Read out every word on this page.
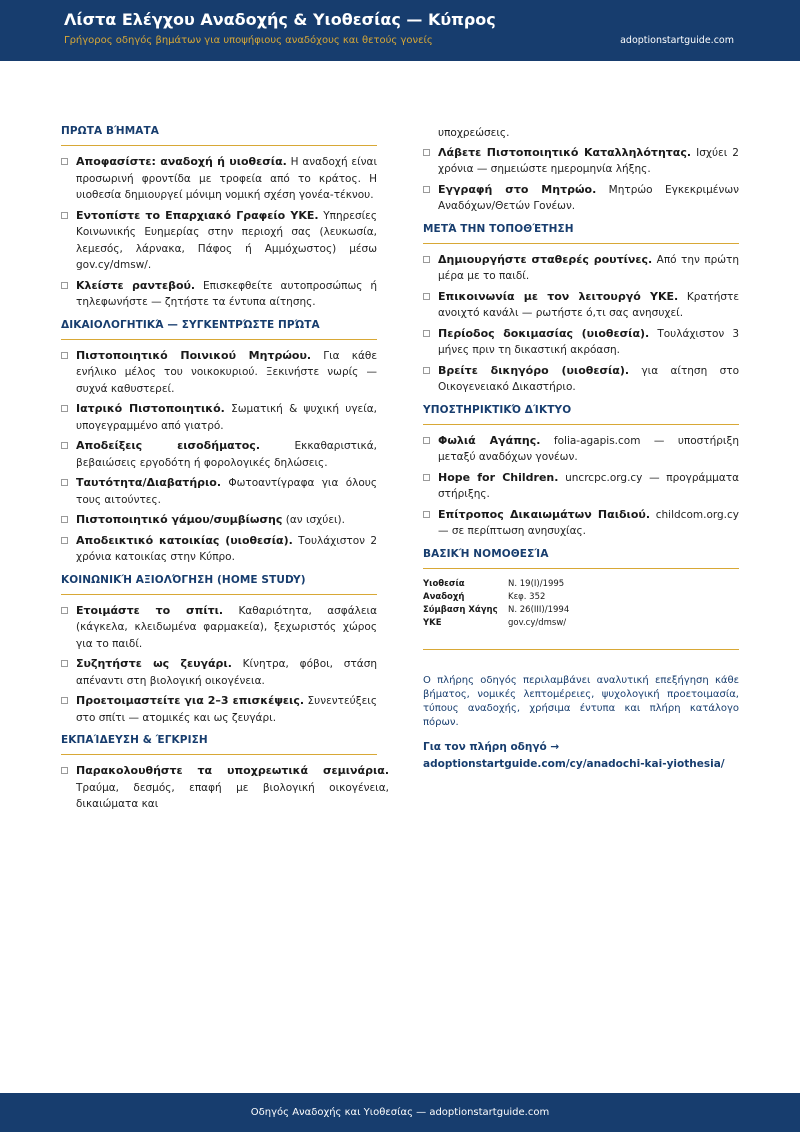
Λίστα Ελέγχου Αναδοχής & Υιοθεσίας — Κύπρος
Γρήγορος οδηγός βημάτων για υποψήφιους αναδόχους και θετούς γονείς	adoptionstartguide.com
ΠΡΩΤΑ ΒΉΜΑΤΑ
Αποφασίστε: αναδοχή ή υιοθεσία. Η αναδοχή είναι προσωρινή φροντίδα με τροφεία από το κράτος. Η υιοθεσία δημιουργεί μόνιμη νομική σχέση γονέα-τέκνου.
Εντοπίστε το Επαρχιακό Γραφείο ΥΚΕ. Υπηρεσίες Κοινωνικής Ευημερίας στην περιοχή σας (λευκωσία, λεμεσός, λάρνακα, Πάφος ή Αμμόχωστος) μέσω gov.cy/dmsw/.
Κλείστε ραντεβού. Επισκεφθείτε αυτοπροσώπως ή τηλεφωνήστε — ζητήστε τα έντυπα αίτησης.
ΔΙΚΑΙΟΛΟΓΗΤΙΚΆ — ΣΥΓΚΕΝΤΡΏΣΤΕ ΠΡΏΤΑ
Πιστοποιητικό Ποινικού Μητρώου. Για κάθε ενήλικο μέλος του νοικοκυριού. Ξεκινήστε νωρίς — συχνά καθυστερεί.
Ιατρικό Πιστοποιητικό. Σωματική & ψυχική υγεία, υπογεγραμμένο από γιατρό.
Αποδείξεις εισοδήματος.	Εκκαθαριστικά, βεβαιώσεις εργοδότη ή φορολογικές δηλώσεις.
Ταυτότητα/Διαβατήριο. Φωτοαντίγραφα για όλους τους αιτούντες.
Πιστοποιητικό γάμου/συμβίωσης (αν ισχύει).
Αποδεικτικό κατοικίας (υιοθεσία). Τουλάχιστον 2 χρόνια κατοικίας στην Κύπρο.
ΚΟΙΝΩΝΙΚΉ ΑΞΙΟΛΌΓΗΣΗ (HOME STUDY)
Ετοιμάστε το σπίτι. Καθαριότητα, ασφάλεια (κάγκελα, κλειδωμένα φαρμακεία), ξεχωριστός χώρος για το παιδί.
Συζητήστε ως ζευγάρι. Κίνητρα, φόβοι, στάση απέναντι στη βιολογική οικογένεια.
Προετοιμαστείτε για 2–3 επισκέψεις. Συνεντεύξεις στο σπίτι — ατομικές και ως ζευγάρι.
ΕΚΠΑΊΔΕΥΣΗ & ΈΓΚΡΙΣΗ
Παρακολουθήστε τα υποχρεωτικά σεμινάρια. Τραύμα, δεσμός, επαφή με βιολογική οικογένεια, δικαιώματα και
υποχρεώσεις.
Λάβετε Πιστοποιητικό Καταλληλότητας. Ισχύει 2 χρόνια — σημειώστε ημερομηνία λήξης.
Εγγραφή στο Μητρώο. Μητρώο Εγκεκριμένων Αναδόχων/Θετών Γονέων.
ΜΕΤΆ ΤΗΝ ΤΟΠΟΘΈΤΗΣΗ
Δημιουργήστε σταθερές ρουτίνες. Από την πρώτη μέρα με το παιδί.
Επικοινωνία με τον λειτουργό ΥΚΕ. Κρατήστε ανοιχτό κανάλι — ρωτήστε ό,τι σας ανησυχεί.
Περίοδος δοκιμασίας (υιοθεσία). Τουλάχιστον 3 μήνες πριν τη δικαστική ακρόαση.
Βρείτε δικηγόρο (υιοθεσία). για αίτηση στο Οικογενειακό Δικαστήριο.
ΥΠΟΣΤΗΡΙΚΤΙΚΌ ΔΊΚΤΥΟ
Φωλιά Αγάπης. folia-agapis.com — υποστήριξη μεταξύ αναδόχων γονέων.
Hope for Children. uncrcpc.org.cy — προγράμματα στήριξης.
Επίτροπος Δικαιωμάτων Παιδιού. childcom.org.cy — σε περίπτωση ανησυχίας.
ΒΑΣΙΚΉ ΝΟΜΟΘΕΣΊΑ
Υιοθεσία	Ν. 19(I)/1995
Αναδοχή	Κεφ. 352
Σύμβαση Χάγης	Ν. 26(III)/1994
ΥΚΕ	gov.cy/dmsw/
Ο πλήρης οδηγός περιλαμβάνει αναλυτική επεξήγηση κάθε βήματος, νομικές λεπτομέρειες, ψυχολογική προετοιμασία, τύπους αναδοχής, χρήσιμα έντυπα και πλήρη κατάλογο πόρων.
Για τον πλήρη οδηγό → adoptionstartguide.com/cy/anadochi-kai-yiothesia/
Οδηγός Αναδοχής και Υιοθεσίας — adoptionstartguide.com
